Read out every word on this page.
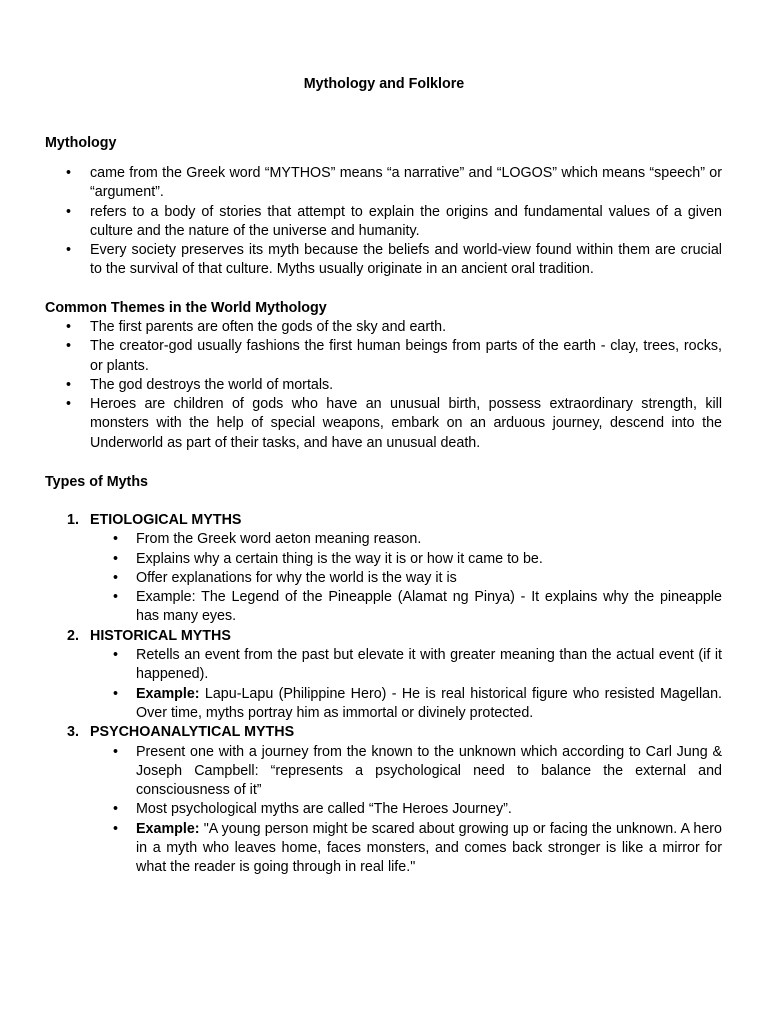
Mythology and Folklore
Mythology
• came from the Greek word “MYTHOS” means “a narrative” and “LOGOS” which means “speech” or “argument”.
• refers to a body of stories that attempt to explain the origins and fundamental values of a given culture and the nature of the universe and humanity.
• Every society preserves its myth because the beliefs and world-view found within them are crucial to the survival of that culture. Myths usually originate in an ancient oral tradition.
Common Themes in the World Mythology
• The first parents are often the gods of the sky and earth.
• The creator-god usually fashions the first human beings from parts of the earth - clay, trees, rocks, or plants.
• The god destroys the world of mortals.
• Heroes are children of gods who have an unusual birth, possess extraordinary strength, kill monsters with the help of special weapons, embark on an arduous journey, descend into the Underworld as part of their tasks, and have an unusual death.
Types of Myths
1. ETIOLOGICAL MYTHS
• From the Greek word aeton meaning reason.
• Explains why a certain thing is the way it is or how it came to be.
• Offer explanations for why the world is the way it is
• Example: The Legend of the Pineapple (Alamat ng Pinya) - It explains why the pineapple has many eyes.
2. HISTORICAL MYTHS
• Retells an event from the past but elevate it with greater meaning than the actual event (if it happened).
• Example: Lapu-Lapu (Philippine Hero) - He is real historical figure who resisted Magellan. Over time, myths portray him as immortal or divinely protected.
3. PSYCHOANALYTICAL MYTHS
• Present one with a journey from the known to the unknown which according to Carl Jung & Joseph Campbell: “represents a psychological need to balance the external and consciousness of it”
• Most psychological myths are called “The Heroes Journey”.
• Example: "A young person might be scared about growing up or facing the unknown. A hero in a myth who leaves home, faces monsters, and comes back stronger is like a mirror for what the reader is going through in real life."
